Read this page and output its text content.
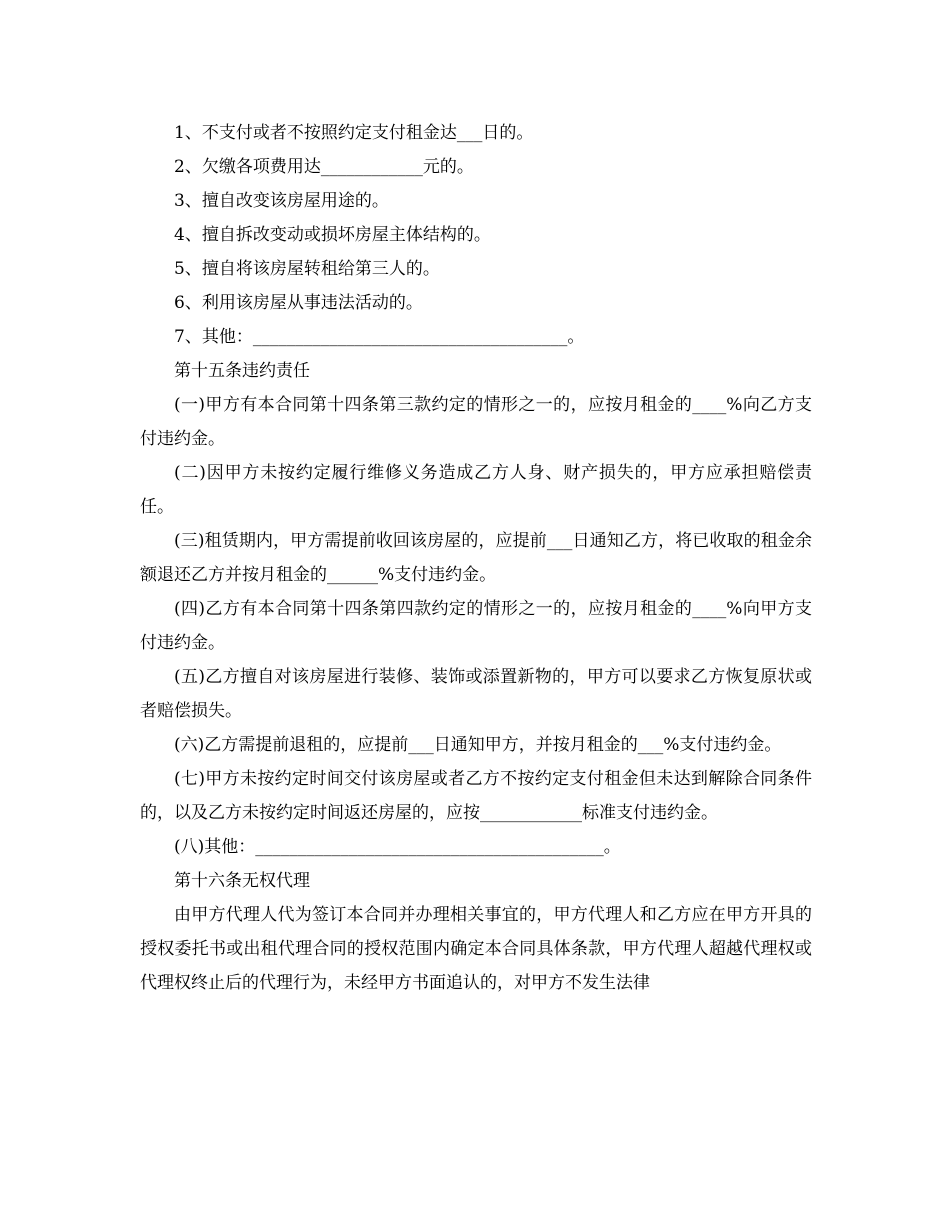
1、不支付或者不按照约定支付租金达___日的。

2、欠缴各项费用达____________元的。

3、擅自改变该房屋用途的。

4、擅自拆改变动或损坏房屋主体结构的。

5、擅自将该房屋转租给第三人的。

6、利用该房屋从事违法活动的。

7、其他：_____________________________________。

第十五条违约责任

(一)甲方有本合同第十四条第三款约定的情形之一的，应按月租金的____%向乙方支付违约金。

(二)因甲方未按约定履行维修义务造成乙方人身、财产损失的，甲方应承担赔偿责任。

(三)租赁期内，甲方需提前收回该房屋的，应提前___日通知乙方，将已收取的租金余额退还乙方并按月租金的______%支付违约金。

(四)乙方有本合同第十四条第四款约定的情形之一的，应按月租金的____%向甲方支付违约金。

(五)乙方擅自对该房屋进行装修、装饰或添置新物的，甲方可以要求乙方恢复原状或者赔偿损失。

(六)乙方需提前退租的，应提前___日通知甲方，并按月租金的___%支付违约金。

(七)甲方未按约定时间交付该房屋或者乙方不按约定支付租金但未达到解除合同条件的，以及乙方未按约定时间返还房屋的，应按____________标准支付违约金。

(八)其他：_________________________________________。

第十六条无权代理

由甲方代理人代为签订本合同并办理相关事宜的，甲方代理人和乙方应在甲方开具的授权委托书或出租代理合同的授权范围内确定本合同具体条款，甲方代理人超越代理权或代理权终止后的代理行为，未经甲方书面追认的，对甲方不发生法律
